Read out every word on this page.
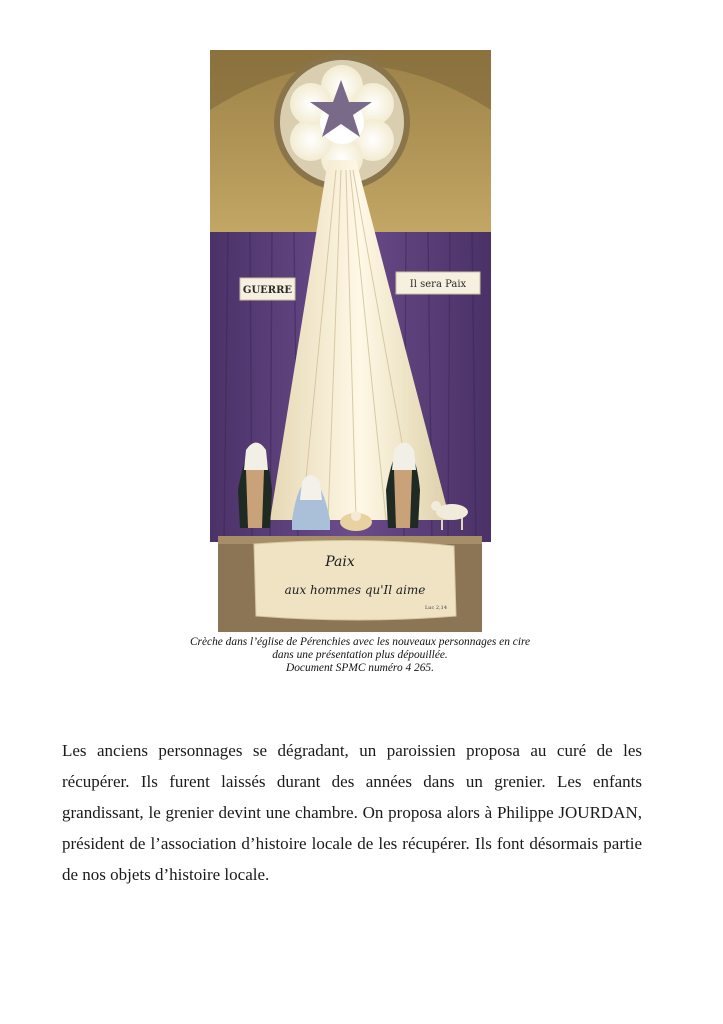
GUERRE
Il sera Paix
Paix
aux hommes qu'Il aime
Luc 2,14
Crèche dans l’église de Pérenchies avec les nouveaux personnages en cire
dans une présentation plus dépouillée.
Document SPMC numéro 4 265.

Les anciens personnages se dégradant, un paroissien proposa au curé de les récupérer. Ils furent laissés durant des années dans un grenier. Les enfants grandissant, le grenier devint une chambre. On proposa alors à Philippe JOURDAN, président de l’association d’histoire locale de les récupérer. Ils font désormais partie de nos objets d’histoire locale.
